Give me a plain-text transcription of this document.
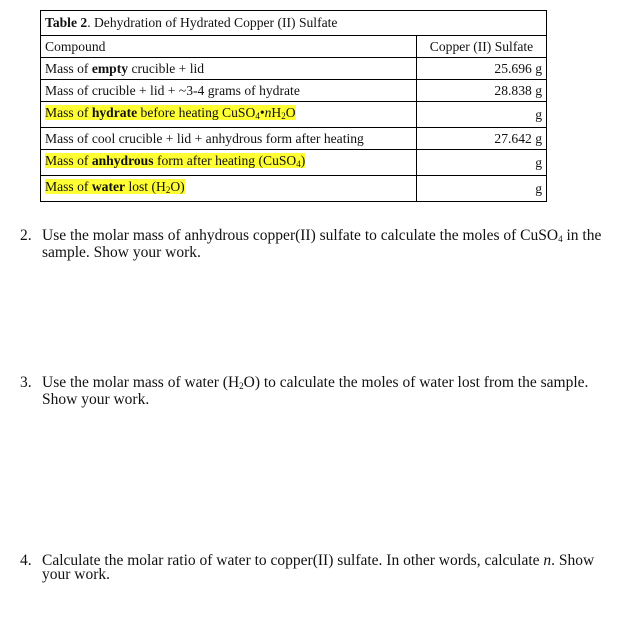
Table 2. Dehydration of Hydrated Copper (II) Sulfate	
Compound	Copper (II) Sulfate
Mass of empty crucible + lid	25.696 g
Mass of crucible + lid + ~3-4 grams of hydrate	28.838 g
Mass of hydrate before heating $CuSO_4•nH_2O$	g
Mass of cool crucible + lid + anhydrous form after heating	27.642 g
Mass of anhydrous form after heating (CuSO$_4$)	g
Mass of water lost $(H_2O)$	g
2. Use the molar mass of anhydrous copper(II) sulfate to calculate the moles of CuSO$_4$ in the sample. Show your work.
3. Use the molar mass of water $(H_2O)$ to calculate the moles of water lost from the sample. Show your work.
4. Calculate the molar ratio of water to copper(II) sulfate. In other words, calculate n. Show your work.
